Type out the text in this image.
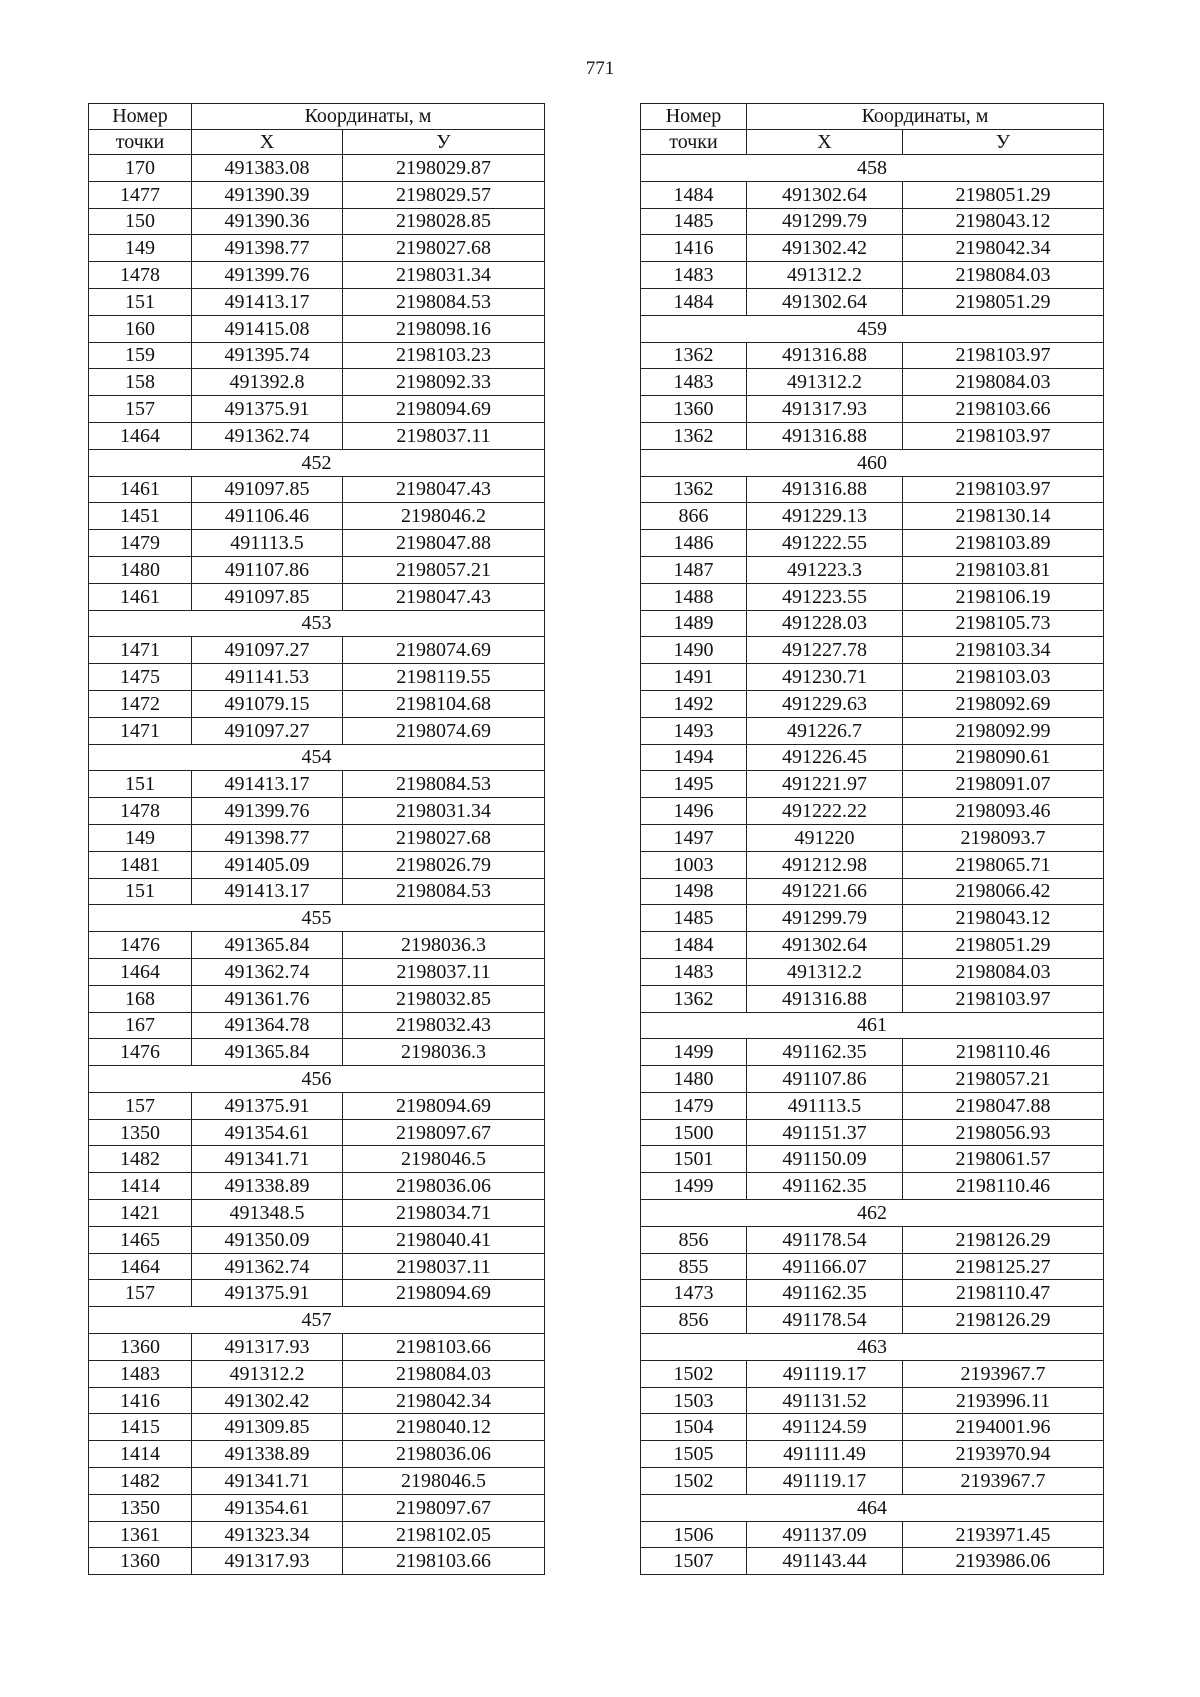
771
Номер	Координаты, м	
точки	X	У
170	491383.08	2198029.87
1477	491390.39	2198029.57
150	491390.36	2198028.85
149	491398.77	2198027.68
1478	491399.76	2198031.34
151	491413.17	2198084.53
160	491415.08	2198098.16
159	491395.74	2198103.23
158	491392.8	2198092.33
157	491375.91	2198094.69
1464	491362.74	2198037.11
452		
1461	491097.85	2198047.43
1451	491106.46	2198046.2
1479	491113.5	2198047.88
1480	491107.86	2198057.21
1461	491097.85	2198047.43
453		
1471	491097.27	2198074.69
1475	491141.53	2198119.55
1472	491079.15	2198104.68
1471	491097.27	2198074.69
454		
151	491413.17	2198084.53
1478	491399.76	2198031.34
149	491398.77	2198027.68
1481	491405.09	2198026.79
151	491413.17	2198084.53
455		
1476	491365.84	2198036.3
1464	491362.74	2198037.11
168	491361.76	2198032.85
167	491364.78	2198032.43
1476	491365.84	2198036.3
456		
157	491375.91	2198094.69
1350	491354.61	2198097.67
1482	491341.71	2198046.5
1414	491338.89	2198036.06
1421	491348.5	2198034.71
1465	491350.09	2198040.41
1464	491362.74	2198037.11
157	491375.91	2198094.69
457		
1360	491317.93	2198103.66
1483	491312.2	2198084.03
1416	491302.42	2198042.34
1415	491309.85	2198040.12
1414	491338.89	2198036.06
1482	491341.71	2198046.5
1350	491354.61	2198097.67
1361	491323.34	2198102.05
1360	491317.93	2198103.66
Номер	Координаты, м	
точки	X	У
458		
1484	491302.64	2198051.29
1485	491299.79	2198043.12
1416	491302.42	2198042.34
1483	491312.2	2198084.03
1484	491302.64	2198051.29
459		
1362	491316.88	2198103.97
1483	491312.2	2198084.03
1360	491317.93	2198103.66
1362	491316.88	2198103.97
460		
1362	491316.88	2198103.97
866	491229.13	2198130.14
1486	491222.55	2198103.89
1487	491223.3	2198103.81
1488	491223.55	2198106.19
1489	491228.03	2198105.73
1490	491227.78	2198103.34
1491	491230.71	2198103.03
1492	491229.63	2198092.69
1493	491226.7	2198092.99
1494	491226.45	2198090.61
1495	491221.97	2198091.07
1496	491222.22	2198093.46
1497	491220	2198093.7
1003	491212.98	2198065.71
1498	491221.66	2198066.42
1485	491299.79	2198043.12
1484	491302.64	2198051.29
1483	491312.2	2198084.03
1362	491316.88	2198103.97
461		
1499	491162.35	2198110.46
1480	491107.86	2198057.21
1479	491113.5	2198047.88
1500	491151.37	2198056.93
1501	491150.09	2198061.57
1499	491162.35	2198110.46
462		
856	491178.54	2198126.29
855	491166.07	2198125.27
1473	491162.35	2198110.47
856	491178.54	2198126.29
463		
1502	491119.17	2193967.7
1503	491131.52	2193996.11
1504	491124.59	2194001.96
1505	491111.49	2193970.94
1502	491119.17	2193967.7
464		
1506	491137.09	2193971.45
1507	491143.44	2193986.06
